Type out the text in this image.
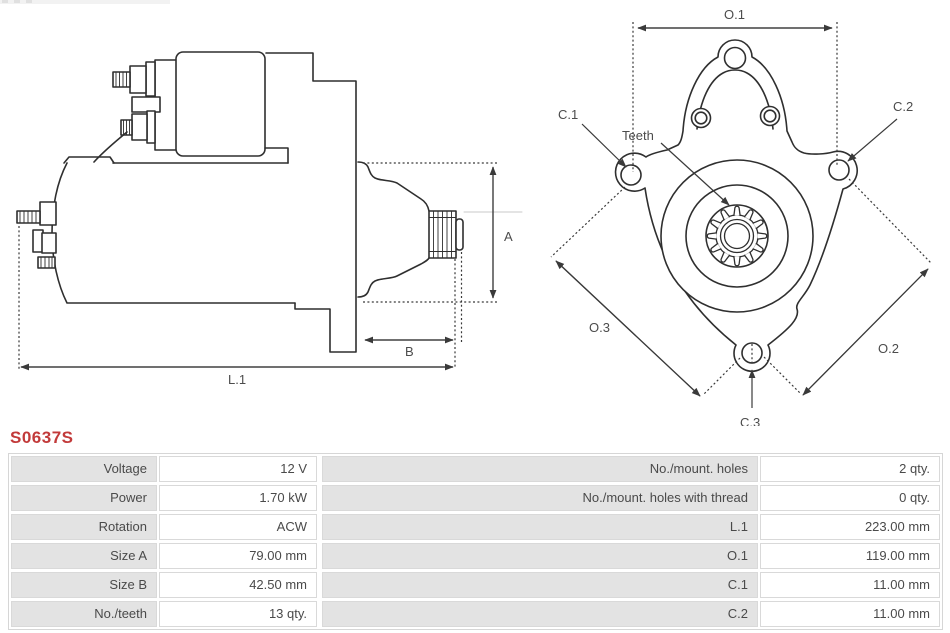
A
B
L.1
O.1
C.1
C.2
Teeth
O.3
O.2
C.3
S0637S
Voltage	12 V	No./mount. holes	2 qty.
Power	1.70 kW	No./mount. holes with thread	0 qty.
Rotation	ACW	L.1	223.00 mm
Size A	79.00 mm	O.1	119.00 mm
Size B	42.50 mm	C.1	11.00 mm
No./teeth	13 qty.	C.2	11.00 mm
